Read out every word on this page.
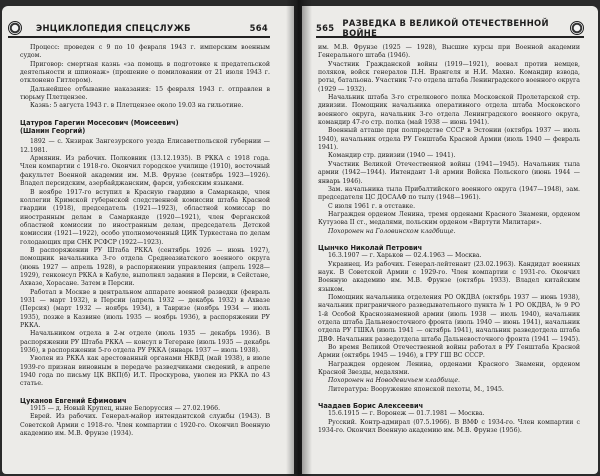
ЭНЦИКЛОПЕДИЯ СПЕЦСЛУЖБ	564

Процесс: проведен с 9 по 10 февраля 1943 г. имперским военным судом.

Приговор: смертная казнь «за помощь в подготовке к предательской деятельности и шпионаж» (прошение о помиловании от 21 июля 1943 г. отклонено Гитлером).

Дальнейшее отбывание наказания: 15 февраля 1943 г. отправлен в тюрьму Плетцензее.

Казнь: 5 августа 1943 г. в Плетцензее около 19.03 на гильотине.

Цатуров Гарегин Мосесович (Моисеевич)
(Шанин Георгий)

1892 — с. Хнзирак Зангезурского уезда Елисаветпольской губернии — 12.1981.

Армянин. Из рабочих. Полковник (13.12.1935). В РККА с 1918 года. Член компартии с 1918-го. Окончил городское училище (1910), восточный факультет Военной академии им. М.В. Фрунзе (сентябрь 1923—1926). Владел персидским, азербайджанским, фарси, узбекским языками.

В ноябре 1917-го вступил в Красную гвардию в Самарканде, член коллегии Кримской губернской следственной комиссии штаба Красной гвардии (1918), председатель (1921—1923), областной комиссар по иностранным делам в Самарканде (1920—1921), член Ферганской областной комиссии по иностранным делам, председатель Детской комиссии (1921—1922), особо уполномоченный ЦИК Туркестана по делам голодающих при СНК РСФСР (1922—1923).

В распоряжении РУ Штаба РККА (сентябрь 1926 — июнь 1927), помощник начальника 3-го отдела Среднеазиатского военного округа (июнь 1927 — апрель 1928), в распоряжении управления (апрель 1928—1929), генконсул РККА в Кабуле, выполнял задания в Персии, в Сейстане, Ахвазе, Хорасане. Затем в Персии.

Работал в Москве в центральном аппарате военной разведки (февраль 1931 — март 1932), в Персии (апрель 1932 — декабрь 1932) в Ахвазе (Персия) (март 1932 — ноябрь 1934), в Тавризе (ноябрь 1934 — июль 1935), позже в Казвине (июль 1935 — ноябрь 1936), в распоряжении РУ РККА.

Начальником отдела в 2-м отделе (июль 1935 — декабрь 1936). В распоряжении РУ Штаба РККА — консул в Тегеране (июль 1935 — декабрь 1936), в распоряжении 5-го отдела РУ РККА (январь 1937 — июль 1938).

Уволен из РККА как арестованный органами НКВД (май 1938), в июле 1939-го признан виновным в передаче разведчиками сведений, в апреле 1940 года по письму ЦК ВКП(б) И.Т. Проскурова, уволен из РККА по 43 статье.

Цуканов Евгений Ефимович

1915 — д. Новый Крупец, ныне Белоруссия — 27.02.1966.

Еврей. Из рабочих. Генерал-майор интендантской службы (1943). В Советской Армии с 1918-го. Член компартии с 1920-го. Окончил Военную академию им. М.В. Фрунзе (1934).

565 РАЗВЕДКА В ВЕЛИКОЙ ОТЕЧЕСТВЕННОЙ ВОЙНЕ

им. М.В. Фрунзе (1925 — 1928), Высшие курсы при Военной академии Генерального штаба (1946).

Участник Гражданской войны (1919—1921), воевал против немцев, поляков, войск генералов П.Н. Врангеля и Н.И. Махно. Командир взвода, роты, батальона. Участник 7-го отдела штаба Ленинградского военного округа (1929 — 1932).

Начальник штаба 3-го стрелкового полка Московской Пролетарской стр. дивизии. Помощник начальника оперативного отдела штаба Московского военного округа, начальник 3-го отдела Ленинградского военного округа, командир 47-го стр. полка (май 1938 — июнь 1941).

Военный атташе при полпредстве СССР в Эстонии (октябрь 1937 — июль 1940), начальник отдела РУ Генштаба Красной Армии (июль 1940 — февраль 1941).

Командир стр. дивизии (1940 — 1941).

Участник Великой Отечественной войны (1941—1945). Начальник тыла армии (1942—1944). Интендант 1-й армии Войска Польского (июнь 1944 — январь 1946).

Зам. начальника тыла Прибалтийского военного округа (1947—1948), зам. председателя ЦС ДОСААФ по тылу (1948—1961).

С июля 1961 г. в отставке.

Награжден орденом Ленина, тремя орденами Красного Знамени, орденом Кутузова II ст., медалями, польским орденом «Виртути Милитари».

Похоронен на Головинском кладбище.

Цынчко Николай Петрович

16.3.1907 — г. Харьков — 02.4.1963 — Москва.

Украинец. Из рабочих. Генерал-лейтенант (23.02.1963). Кандидат военных наук. В Советской Армии с 1929-го. Член компартии с 1931-го. Окончил Военную академию им. М.В. Фрунзе (октябрь 1933). Владел китайским языком.

Помощник начальника отделения РО ОКДВА (октябрь 1937 — июнь 1938), начальник приграничного разведывательного пункта № 1 РО ОКДВА, № 9 РО 1-й Особой Краснознаменной армии (июль 1938 — июль 1940), начальник отдела штаба Дальневосточного фронта (июль 1940 — июнь 1941), начальник отдела РУ ГШКА (июль 1941 — октябрь 1941), начальник разведотдела штаба ДВФ. Начальник разведотдела штаба Дальневосточного фронта (1941 — 1945).

Во время Великой Отечественной войны работал в РУ Генштаба Красной Армии (октябрь 1945 — 1946), в ГРУ ГШ ВС СССР.

Награжден орденом Ленина, орденами Красного Знамени, орденом Красной Звезды, медалями.

Похоронен на Новодевичьем кладбище.

Литература: Вооружение японской пехоты, М., 1945.

Чаадаев Борис Алексеевич

15.6.1915 — г. Воронеж — 01.7.1981 — Москва.

Русский. Контр-адмирал (07.5.1966). В ВМФ с 1934-го. Член компартии с 1934-го. Окончил Военную академию им. М.В. Фрунзе (1956).
